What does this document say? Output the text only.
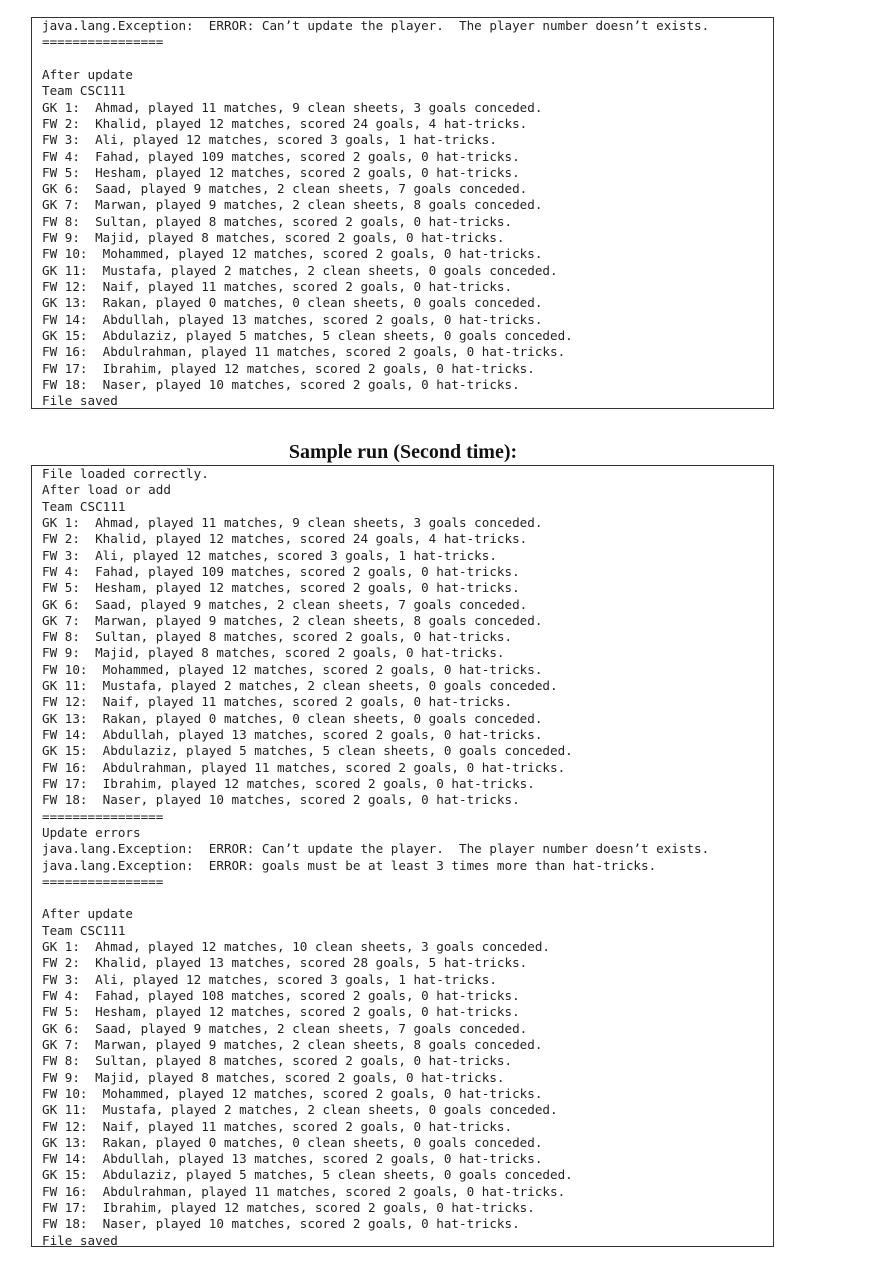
java.lang.Exception:  ERROR: Can’t update the player.  The player number doesn’t exists.
================
After update
Team CSC111
GK 1:  Ahmad, played 11 matches, 9 clean sheets, 3 goals conceded.
FW 2:  Khalid, played 12 matches, scored 24 goals, 4 hat-tricks.
FW 3:  Ali, played 12 matches, scored 3 goals, 1 hat-tricks.
FW 4:  Fahad, played 109 matches, scored 2 goals, 0 hat-tricks.
FW 5:  Hesham, played 12 matches, scored 2 goals, 0 hat-tricks.
GK 6:  Saad, played 9 matches, 2 clean sheets, 7 goals conceded.
GK 7:  Marwan, played 9 matches, 2 clean sheets, 8 goals conceded.
FW 8:  Sultan, played 8 matches, scored 2 goals, 0 hat-tricks.
FW 9:  Majid, played 8 matches, scored 2 goals, 0 hat-tricks.
FW 10:  Mohammed, played 12 matches, scored 2 goals, 0 hat-tricks.
GK 11:  Mustafa, played 2 matches, 2 clean sheets, 0 goals conceded.
FW 12:  Naif, played 11 matches, scored 2 goals, 0 hat-tricks.
GK 13:  Rakan, played 0 matches, 0 clean sheets, 0 goals conceded.
FW 14:  Abdullah, played 13 matches, scored 2 goals, 0 hat-tricks.
GK 15:  Abdulaziz, played 5 matches, 5 clean sheets, 0 goals conceded.
FW 16:  Abdulrahman, played 11 matches, scored 2 goals, 0 hat-tricks.
FW 17:  Ibrahim, played 12 matches, scored 2 goals, 0 hat-tricks.
FW 18:  Naser, played 10 matches, scored 2 goals, 0 hat-tricks.
File saved
Sample run (Second time):
File loaded correctly.
After load or add
Team CSC111
GK 1:  Ahmad, played 11 matches, 9 clean sheets, 3 goals conceded.
FW 2:  Khalid, played 12 matches, scored 24 goals, 4 hat-tricks.
FW 3:  Ali, played 12 matches, scored 3 goals, 1 hat-tricks.
FW 4:  Fahad, played 109 matches, scored 2 goals, 0 hat-tricks.
FW 5:  Hesham, played 12 matches, scored 2 goals, 0 hat-tricks.
GK 6:  Saad, played 9 matches, 2 clean sheets, 7 goals conceded.
GK 7:  Marwan, played 9 matches, 2 clean sheets, 8 goals conceded.
FW 8:  Sultan, played 8 matches, scored 2 goals, 0 hat-tricks.
FW 9:  Majid, played 8 matches, scored 2 goals, 0 hat-tricks.
FW 10:  Mohammed, played 12 matches, scored 2 goals, 0 hat-tricks.
GK 11:  Mustafa, played 2 matches, 2 clean sheets, 0 goals conceded.
FW 12:  Naif, played 11 matches, scored 2 goals, 0 hat-tricks.
GK 13:  Rakan, played 0 matches, 0 clean sheets, 0 goals conceded.
FW 14:  Abdullah, played 13 matches, scored 2 goals, 0 hat-tricks.
GK 15:  Abdulaziz, played 5 matches, 5 clean sheets, 0 goals conceded.
FW 16:  Abdulrahman, played 11 matches, scored 2 goals, 0 hat-tricks.
FW 17:  Ibrahim, played 12 matches, scored 2 goals, 0 hat-tricks.
FW 18:  Naser, played 10 matches, scored 2 goals, 0 hat-tricks.
================
Update errors
java.lang.Exception:  ERROR: Can’t update the player.  The player number doesn’t exists.
java.lang.Exception:  ERROR: goals must be at least 3 times more than hat-tricks.
================
After update
Team CSC111
GK 1:  Ahmad, played 12 matches, 10 clean sheets, 3 goals conceded.
FW 2:  Khalid, played 13 matches, scored 28 goals, 5 hat-tricks.
FW 3:  Ali, played 12 matches, scored 3 goals, 1 hat-tricks.
FW 4:  Fahad, played 108 matches, scored 2 goals, 0 hat-tricks.
FW 5:  Hesham, played 12 matches, scored 2 goals, 0 hat-tricks.
GK 6:  Saad, played 9 matches, 2 clean sheets, 7 goals conceded.
GK 7:  Marwan, played 9 matches, 2 clean sheets, 8 goals conceded.
FW 8:  Sultan, played 8 matches, scored 2 goals, 0 hat-tricks.
FW 9:  Majid, played 8 matches, scored 2 goals, 0 hat-tricks.
FW 10:  Mohammed, played 12 matches, scored 2 goals, 0 hat-tricks.
GK 11:  Mustafa, played 2 matches, 2 clean sheets, 0 goals conceded.
FW 12:  Naif, played 11 matches, scored 2 goals, 0 hat-tricks.
GK 13:  Rakan, played 0 matches, 0 clean sheets, 0 goals conceded.
FW 14:  Abdullah, played 13 matches, scored 2 goals, 0 hat-tricks.
GK 15:  Abdulaziz, played 5 matches, 5 clean sheets, 0 goals conceded.
FW 16:  Abdulrahman, played 11 matches, scored 2 goals, 0 hat-tricks.
FW 17:  Ibrahim, played 12 matches, scored 2 goals, 0 hat-tricks.
FW 18:  Naser, played 10 matches, scored 2 goals, 0 hat-tricks.
File saved
